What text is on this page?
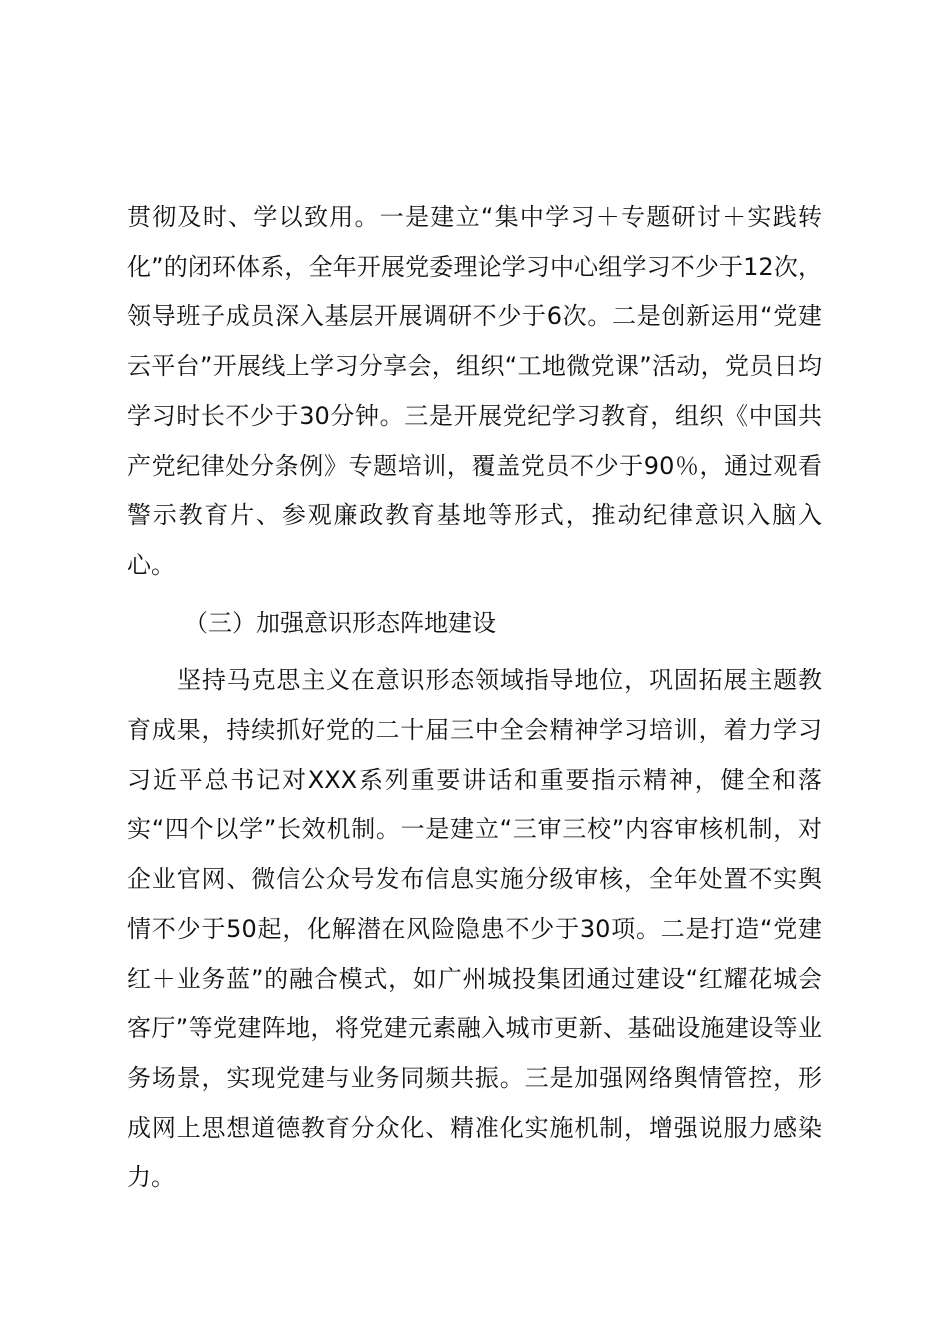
贯彻及时、学以致用。一是建立“集中学习＋专题研讨＋实践转化”的闭环体系，全年开展党委理论学习中心组学习不少于12次，领导班子成员深入基层开展调研不少于6次。二是创新运用“党建云平台”开展线上学习分享会，组织“工地微党课”活动，党员日均学习时长不少于30分钟。三是开展党纪学习教育，组织《中国共产党纪律处分条例》专题培训，覆盖党员不少于90％，通过观看警示教育片、参观廉政教育基地等形式，推动纪律意识入脑入心。

（三）加强意识形态阵地建设

坚持马克思主义在意识形态领域指导地位，巩固拓展主题教育成果，持续抓好党的二十届三中全会精神学习培训，着力学习习近平总书记对XXX系列重要讲话和重要指示精神，健全和落实“四个以学”长效机制。一是建立“三审三校”内容审核机制，对企业官网、微信公众号发布信息实施分级审核，全年处置不实舆情不少于50起，化解潜在风险隐患不少于30项。二是打造“党建红＋业务蓝”的融合模式，如广州城投集团通过建设“红耀花城会客厅”等党建阵地，将党建元素融入城市更新、基础设施建设等业务场景，实现党建与业务同频共振。三是加强网络舆情管控，形成网上思想道德教育分众化、精准化实施机制，增强说服力感染力。
